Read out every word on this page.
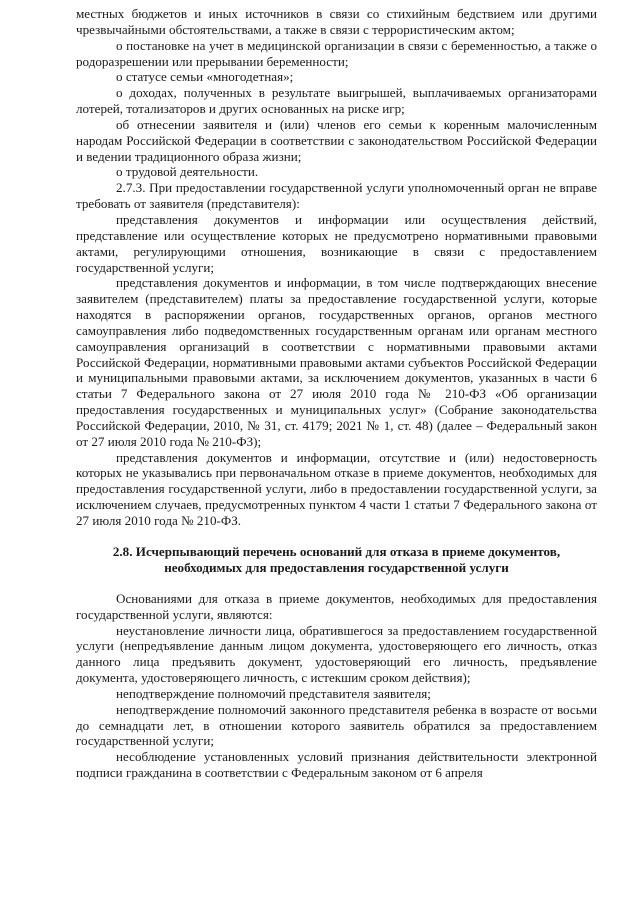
местных бюджетов и иных источников в связи со стихийным бедствием или другими чрезвычайными обстоятельствами, а также в связи с террористическим актом;

о постановке на учет в медицинской организации в связи с беременностью, а также о родоразрешении или прерывании беременности;

о статусе семьи «многодетная»;

о доходах, полученных в результате выигрышей, выплачиваемых организаторами лотерей, тотализаторов и других основанных на риске игр;

об отнесении заявителя и (или) членов его семьи к коренным малочисленным народам Российской Федерации в соответствии с законодательством Российской Федерации и ведении традиционного образа жизни;

о трудовой деятельности.

2.7.3. При предоставлении государственной услуги уполномоченный орган не вправе требовать от заявителя (представителя):

представления документов и информации или осуществления действий, представление или осуществление которых не предусмотрено нормативными правовыми актами, регулирующими отношения, возникающие в связи с предоставлением государственной услуги;

представления документов и информации, в том числе подтверждающих внесение заявителем (представителем) платы за предоставление государственной услуги, которые находятся в распоряжении органов, государственных органов, органов местного самоуправления либо подведомственных государственным органам или органам местного самоуправления организаций в соответствии с нормативными правовыми актами Российской Федерации, нормативными правовыми актами субъектов Российской Федерации и муниципальными правовыми актами, за исключением документов, указанных в части 6 статьи 7 Федерального закона от 27 июля 2010 года № 210-ФЗ «Об организации предоставления государственных и муниципальных услуг» (Собрание законодательства Российской Федерации, 2010, № 31, ст. 4179; 2021 № 1, ст. 48) (далее – Федеральный закон от 27 июля 2010 года № 210-ФЗ);

представления документов и информации, отсутствие и (или) недостоверность которых не указывались при первоначальном отказе в приеме документов, необходимых для предоставления государственной услуги, либо в предоставлении государственной услуги, за исключением случаев, предусмотренных пунктом 4 части 1 статьи 7 Федерального закона от 27 июля 2010 года № 210-ФЗ.

2.8. Исчерпывающий перечень оснований для отказа в приеме документов, необходимых для предоставления государственной услуги

Основаниями для отказа в приеме документов, необходимых для предоставления государственной услуги, являются:

неустановление личности лица, обратившегося за предоставлением государственной услуги (непредъявление данным лицом документа, удостоверяющего его личность, отказ данного лица предъявить документ, удостоверяющий его личность, предъявление документа, удостоверяющего личность, с истекшим сроком действия);

неподтверждение полномочий представителя заявителя;

неподтверждение полномочий законного представителя ребенка в возрасте от восьми до семнадцати лет, в отношении которого заявитель обратился за предоставлением государственной услуги;

несоблюдение установленных условий признания действительности электронной подписи гражданина в соответствии с Федеральным законом от 6 апреля
